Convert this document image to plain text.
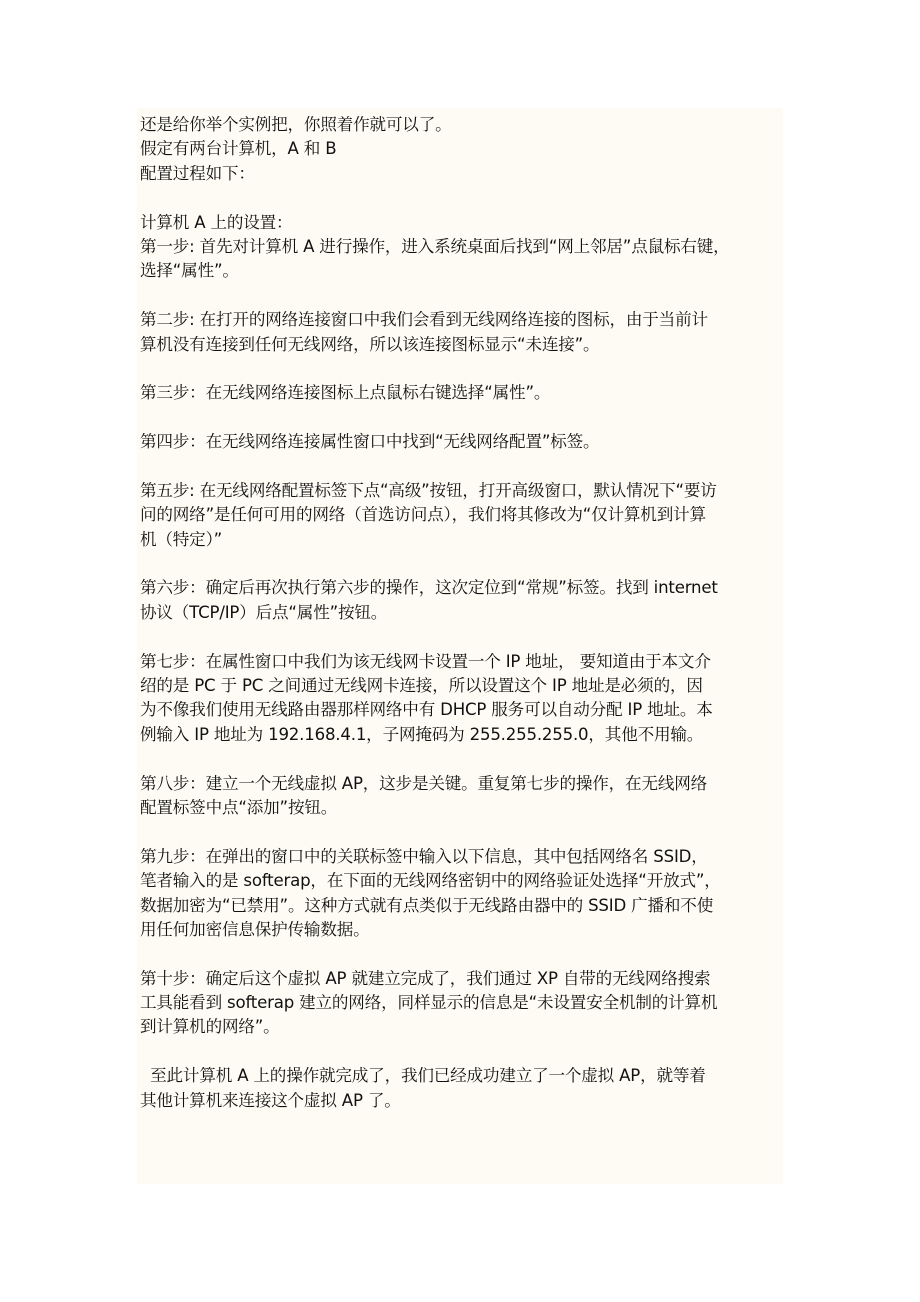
还是给你举个实例把，你照着作就可以了。
假定有两台计算机，A 和 B
配置过程如下：
计算机 A 上的设置：
第一步: 首先对计算机 A 进行操作，进入系统桌面后找到“网上邻居”点鼠标右键，
选择“属性”。
第二步: 在打开的网络连接窗口中我们会看到无线网络连接的图标，由于当前计
算机没有连接到任何无线网络，所以该连接图标显示“未连接”。
第三步：在无线网络连接图标上点鼠标右键选择“属性”。
第四步：在无线网络连接属性窗口中找到“无线网络配置”标签。
第五步: 在无线网络配置标签下点“高级”按钮，打开高级窗口，默认情况下“要访
问的网络”是任何可用的网络（首选访问点），我们将其修改为“仅计算机到计算
机（特定）”
第六步：确定后再次执行第六步的操作，这次定位到“常规”标签。找到 internet
协议（TCP/IP）后点“属性”按钮。
第七步：在属性窗口中我们为该无线网卡设置一个 IP 地址， 要知道由于本文介
绍的是 PC 于 PC 之间通过无线网卡连接，所以设置这个 IP 地址是必须的，因
为不像我们使用无线路由器那样网络中有 DHCP 服务可以自动分配 IP 地址。本
例输入 IP 地址为 192.168.4.1，子网掩码为 255.255.255.0，其他不用输。
第八步：建立一个无线虚拟 AP，这步是关键。重复第七步的操作，在无线网络
配置标签中点“添加”按钮。
第九步：在弹出的窗口中的关联标签中输入以下信息，其中包括网络名 SSID，
笔者输入的是 softerap，在下面的无线网络密钥中的网络验证处选择“开放式”，
数据加密为“已禁用”。这种方式就有点类似于无线路由器中的 SSID 广播和不使
用任何加密信息保护传输数据。
第十步：确定后这个虚拟 AP 就建立完成了，我们通过 XP 自带的无线网络搜索
工具能看到 softerap 建立的网络，同样显示的信息是“未设置安全机制的计算机
到计算机的网络”。
至此计算机 A 上的操作就完成了，我们已经成功建立了一个虚拟 AP，就等着
其他计算机来连接这个虚拟 AP 了。
